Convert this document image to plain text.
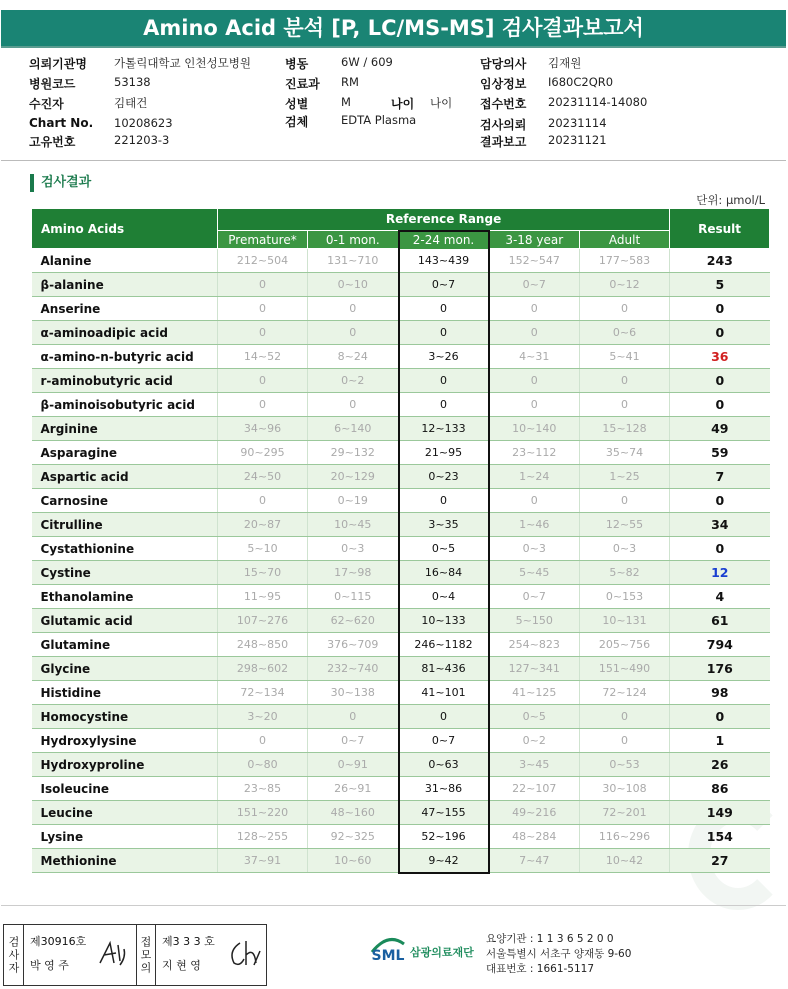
Amino Acid 분석 [P, LC/MS-MS] 검사결과보고서
의뢰기관명 가톨릭대학교 인천성모병원
병원코드	53138
수진자	김태건
Chart No. 10208623
고유번호	221203-3
병동	6W / 609
진료과 RM
성별	M	나이 나이
검체	EDTA Plasma
담당의사 김재원
임상정보 I680C2QR0
접수번호 20231114-14080
검사의뢰 20231114
결과보고 20231121
검사결과
단위: μmol/L
Amino Acids	Reference Range					Result
	Premature*	0-1 mon.	2-24 mon.	3-18 year	Adult	
Alanine	212~504	131~710	143~439	152~547	177~583	243
β-alanine	0	0~10	0~7	0~7	0~12	5
Anserine	0	0	0	0	0	0
α-aminoadipic acid	0	0	0	0	0~6	0
α-amino-n-butyric acid	14~52	8~24	3~26	4~31	5~41	36
r-aminobutyric acid	0	0~2	0	0	0	0
β-aminoisobutyric acid	0	0	0	0	0	0
Arginine	34~96	6~140	12~133	10~140	15~128	49
Asparagine	90~295	29~132	21~95	23~112	35~74	59
Aspartic acid	24~50	20~129	0~23	1~24	1~25	7
Carnosine	0	0~19	0	0	0	0
Citrulline	20~87	10~45	3~35	1~46	12~55	34
Cystathionine	5~10	0~3	0~5	0~3	0~3	0
Cystine	15~70	17~98	16~84	5~45	5~82	12
Ethanolamine	11~95	0~115	0~4	0~7	0~153	4
Glutamic acid	107~276	62~620	10~133	5~150	10~131	61
Glutamine	248~850	376~709	246~1182	254~823	205~756	794
Glycine	298~602	232~740	81~436	127~341	151~490	176
Histidine	72~134	30~138	41~101	41~125	72~124	98
Homocystine	3~20	0	0	0~5	0	0
Hydroxylysine	0	0~7	0~7	0~2	0	1
Hydroxyproline	0~80	0~91	0~63	3~45	0~53	26
Isoleucine	23~85	26~91	31~86	22~107	30~108	86
Leucine	151~220	48~160	47~155	49~216	72~201	149
Lysine	128~255	92~325	52~196	48~284	116~296	154
Methionine	37~91	10~60	9~42	7~47	10~42	27
검사자 제30916호
박 영 주	접모의 제3 3 3 호
지 현 영
SML 삼광의료재단
요양기관 : 1 1 3 6 5 2 0 0
서울특별시 서초구 양재동 9-60
대표번호 : 1661-5117
